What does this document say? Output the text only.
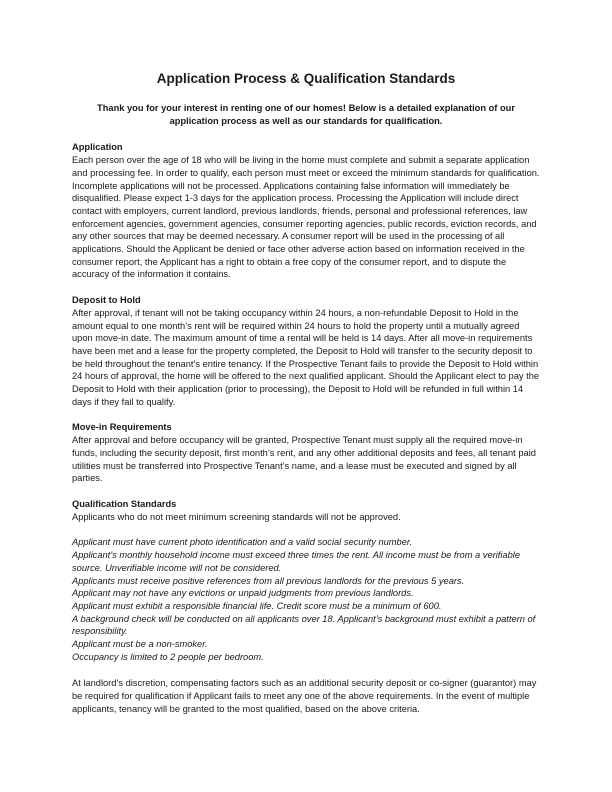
Application Process & Qualification Standards
Thank you for your interest in renting one of our homes! Below is a detailed explanation of our application process as well as our standards for qualification.
Application
Each person over the age of 18 who will be living in the home must complete and submit a separate application and processing fee. In order to qualify, each person must meet or exceed the minimum standards for qualification. Incomplete applications will not be processed. Applications containing false information will immediately be disqualified. Please expect 1-3 days for the application process. Processing the Application will include direct contact with employers, current landlord, previous landlords, friends, personal and professional references, law enforcement agencies, government agencies, consumer reporting agencies, public records, eviction records, and any other sources that may be deemed necessary. A consumer report will be used in the processing of all applications. Should the Applicant be denied or face other adverse action based on information received in the consumer report, the Applicant has a right to obtain a free copy of the consumer report, and to dispute the accuracy of the information it contains.
Deposit to Hold
After approval, if tenant will not be taking occupancy within 24 hours, a non-refundable Deposit to Hold in the amount equal to one month’s rent will be required within 24 hours to hold the property until a mutually agreed upon move-in date. The maximum amount of time a rental will be held is 14 days. After all move-in requirements have been met and a lease for the property completed, the Deposit to Hold will transfer to the security deposit to be held throughout the tenant’s entire tenancy. If the Prospective Tenant fails to provide the Deposit to Hold within 24 hours of approval, the home will be offered to the next qualified applicant. Should the Applicant elect to pay the Deposit to Hold with their application (prior to processing), the Deposit to Hold will be refunded in full within 14 days if they fail to qualify.
Move-in Requirements
After approval and before occupancy will be granted, Prospective Tenant must supply all the required move-in funds, including the security deposit, first month’s rent, and any other additional deposits and fees, all tenant paid utilities must be transferred into Prospective Tenant’s name, and a lease must be executed and signed by all parties.
Qualification Standards
Applicants who do not meet minimum screening standards will not be approved.
Applicant must have current photo identification and a valid social security number.
Applicant’s monthly household income must exceed three times the rent. All income must be from a verifiable source. Unverifiable income will not be considered.
Applicants must receive positive references from all previous landlords for the previous 5 years.
Applicant may not have any evictions or unpaid judgments from previous landlords.
Applicant must exhibit a responsible financial life. Credit score must be a minimum of 600.
A background check will be conducted on all applicants over 18. Applicant’s background must exhibit a pattern of responsibility.
Applicant must be a non-smoker.
Occupancy is limited to 2 people per bedroom.
At landlord’s discretion, compensating factors such as an additional security deposit or co-signer (guarantor) may be required for qualification if Applicant fails to meet any one of the above requirements. In the event of multiple applicants, tenancy will be granted to the most qualified, based on the above criteria.
